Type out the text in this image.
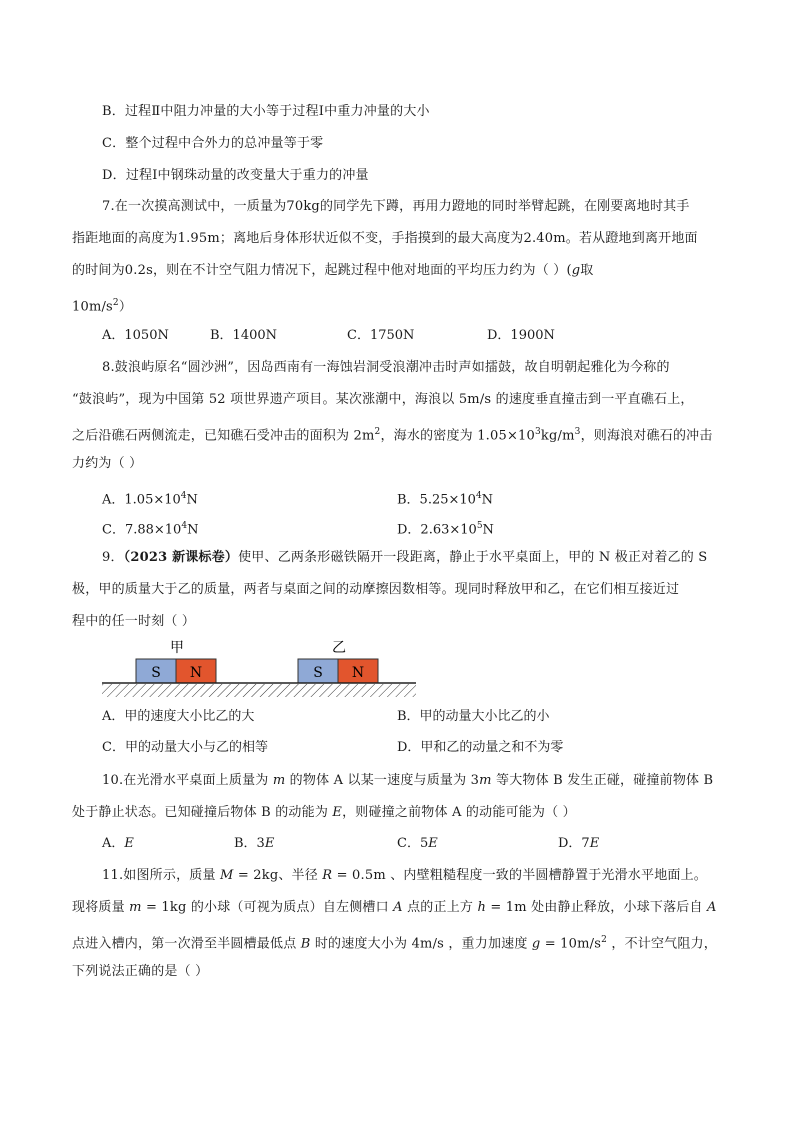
B．过程Ⅱ中阻力冲量的大小等于过程Ⅰ中重力冲量的大小
C．整个过程中合外力的总冲量等于零
D．过程Ⅰ中钢珠动量的改变量大于重力的冲量
7.在一次摸高测试中，一质量为70kg的同学先下蹲，再用力蹬地的同时举臂起跳，在刚要离地时其手
指距地面的高度为1.95m；离地后身体形状近似不变，手指摸到的最大高度为2.40m。若从蹬地到离开地面
的时间为0.2s，则在不计空气阻力情况下，起跳过程中他对地面的平均压力约为（ ）(g取
$10m/s^2$）
A．1050N	B．1400N	C．1750N	D．1900N
8.鼓浪屿原名“圆沙洲”，因岛西南有一海蚀岩洞受浪潮冲击时声如擂鼓，故自明朝起雅化为今称的
“鼓浪屿”，现为中国第 52 项世界遗产项目。某次涨潮中，海浪以 5m/s 的速度垂直撞击到一平直礁石上，
之后沿礁石两侧流走，已知礁石受冲击的面积为 $2m^2$，海水的密度为 $1.05\times 10^3kg/m^3$，则海浪对礁石的冲击
力约为（ ）
A．$1.05\times 10^4N$	B．$5.25\times 10^4N$
C．$7.88\times 10^4N$	D．$2.63\times 10^5N$
9．（2023 新课标卷）使甲、乙两条形磁铁隔开一段距离，静止于水平桌面上，甲的 N 极正对着乙的 S
极，甲的质量大于乙的质量，两者与桌面之间的动摩擦因数相等。现同时释放甲和乙，在它们相互接近过
程中的任一时刻（ ）
甲	乙
S N	S N
A．甲的速度大小比乙的大	B．甲的动量大小比乙的小
C．甲的动量大小与乙的相等	D．甲和乙的动量之和不为零
10.在光滑水平桌面上质量为 m 的物体 A 以某一速度与质量为 3m 等大物体 B 发生正碰，碰撞前物体 B
处于静止状态。已知碰撞后物体 B 的动能为 E，则碰撞之前物体 A 的动能可能为（ ）
A．E	B．3E	C．5E	D．7E
11.如图所示，质量 M = 2kg、半径 R = 0.5m 、内壁粗糙程度一致的半圆槽静置于光滑水平地面上。
现将质量 m = 1kg 的小球（可视为质点）自左侧槽口 A 点的正上方 h = 1m 处由静止释放，小球下落后自 A
点进入槽内，第一次滑至半圆槽最低点 B 时的速度大小为 4m/s ，重力加速度 $g = 10m/s^2$ ，不计空气阻力，
下列说法正确的是（ ）
